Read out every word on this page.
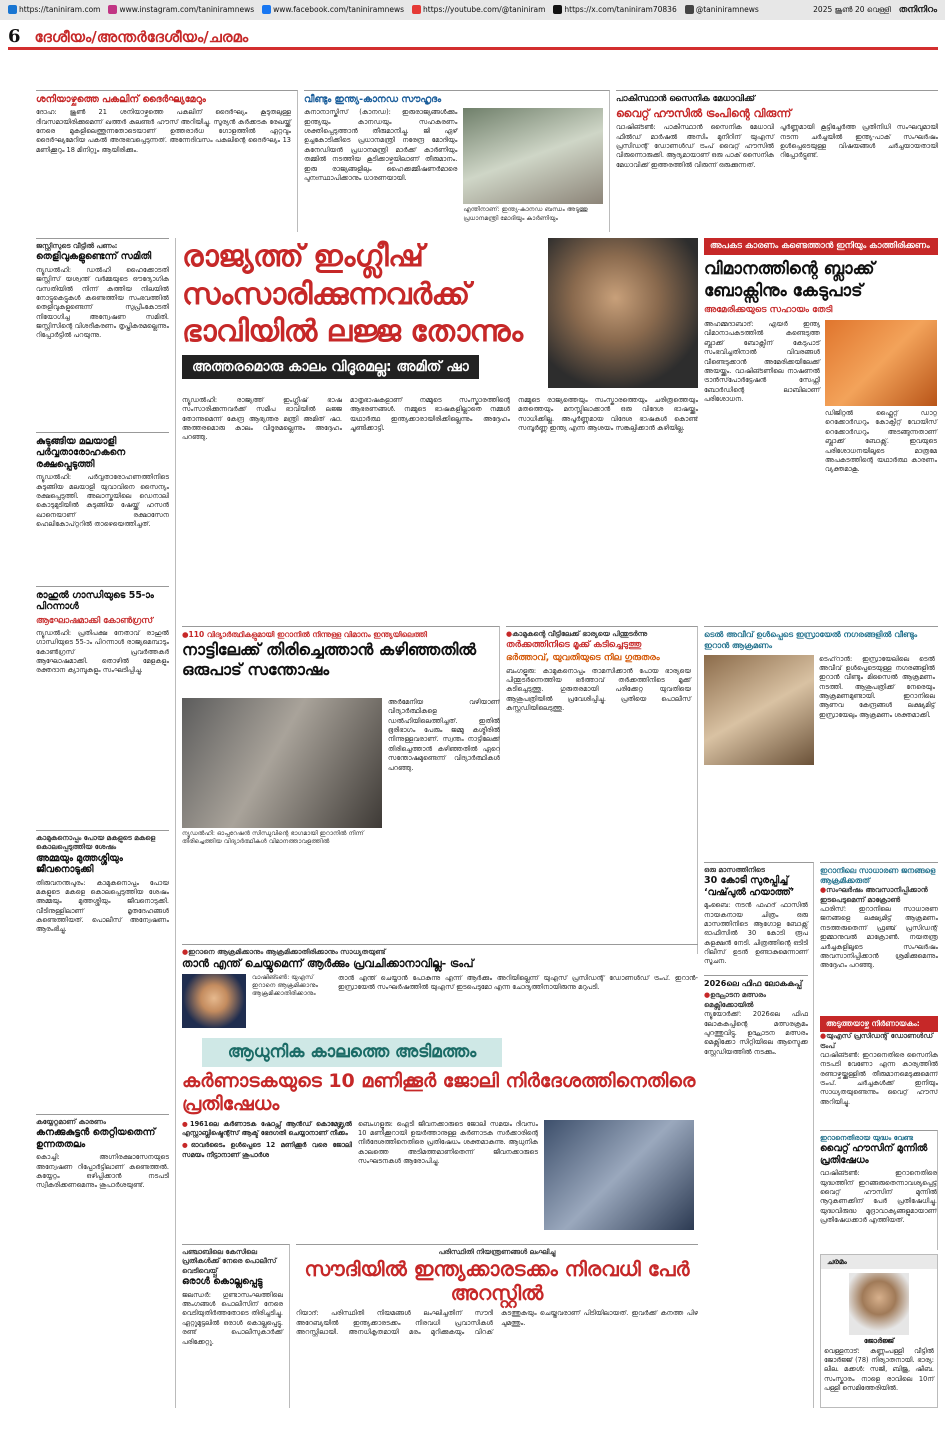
https://taniniram.com	www.instagram.com/taniniramnews	www.facebook.com/taniniramnews	https://youtube.com/@taniniram	https://x.com/taniniram70836	@taniniramnews	2025 ജൂൺ 20 വെള്ളി തനിനിറം
6 ദേശീയം/അന്തർദേശീയം/ചരമം
ശനിയാഴ്ചത്തെ പകലിന് ദൈർഘ്യമേറും
ദോഹ: ജൂൺ 21 ശനിയാഴ്ചത്തെ പകലിന് ദൈർഘ്യം കൂടുതലുള്ള ദിവസമായിരിക്കുമെന്ന് ഖത്തർ കലണ്ടർ ഹൗസ് അറിയിച്ചു. സൂര്യൻ കർക്കടക രേഖയ്ക്ക് നേരെ മുകളിലെത്തുന്നതോടെയാണ് ഉത്തരാർധ ഗോളത്തിൽ ഏറ്റവും ദൈർഘ്യമേറിയ പകൽ അനുഭവപ്പെടുന്നത്. അന്നേദിവസം പകലിന്റെ ദൈർഘ്യം 13 മണിക്കൂറും 18 മിനിറ്റും ആയിരിക്കും.
വീണ്ടും ഇന്ത്യ-കാനഡ സൗഹൃദം
കനാനാസ്കിസ് (കാനഡ): ഇരുരാജ്യങ്ങൾക്കും ഇന്ത്യയും കാനഡയും സഹകരണം ശക്തിപ്പെടുത്താൻ തീരുമാനിച്ചു. ജി ഏഴ് ഉച്ചകോടിക്കിടെ പ്രധാനമന്ത്രി നരേന്ദ്ര മോദിയും കനേഡിയൻ പ്രധാനമന്ത്രി മാർക്ക് കാർണിയും തമ്മിൽ നടത്തിയ കൂടിക്കാഴ്ചയിലാണ് തീരുമാനം. ഇരു രാജ്യങ്ങളിലും ഹൈക്കമ്മീഷണർമാരെ പുനഃസ്ഥാപിക്കാനും ധാരണയായി.
എന്തിനാണ്: ഇന്ത്യ-കാനഡ ബന്ധം അടുത്തു പ്രധാനമന്ത്രി മോദിയും കാർണിയും
പാകിസ്ഥാൻ സൈനിക മേധാവിക്ക്
വൈറ്റ് ഹൗസിൽ ട്രംപിന്റെ വിരുന്ന്
വാഷിങ്ടൺ: പാകിസ്ഥാൻ സൈനിക മേധാവി ഫീൽഡ് മാർഷൽ അസിം മുനീറിന് യുഎസ് പ്രസിഡന്റ് ഡോണൾഡ് ട്രംപ് വൈറ്റ് ഹൗസിൽ വിരുന്നൊരുക്കി. ആദ്യമായാണ് ഒരു പാക് സൈനിക മേധാവിക്ക് ഇത്തരത്തിൽ വിരുന്ന് ഒരുക്കുന്നത്.
പൂർണ്ണമായി കൂട്ടിച്ചേർത്ത പ്രതിനിധി സംഘവുമായി നടന്ന ചർച്ചയിൽ ഇന്ത്യ-പാക് സംഘർഷം ഉൾപ്പെടെയുള്ള വിഷയങ്ങൾ ചർച്ചയായതായി റിപ്പോർട്ടുണ്ട്.
ജസ്റ്റിസുടെ വീട്ടിൽ പണം:
തെളിവുകളുണ്ടെന്ന് സമിതി
ന്യൂഡൽഹി: ഡൽഹി ഹൈക്കോടതി ജസ്റ്റിസ് യശ്വന്ത് വർമ്മയുടെ ഔദ്യോഗിക വസതിയിൽ നിന്ന് കത്തിയ നിലയിൽ നോട്ടുകെട്ടുകൾ കണ്ടെത്തിയ സംഭവത്തിൽ തെളിവുകളുണ്ടെന്ന് സുപ്രീംകോടതി നിയോഗിച്ച അന്വേഷണ സമിതി. ജസ്റ്റിസിന്റെ വിശദീകരണം തൃപ്തികരമല്ലെന്നും റിപ്പോർട്ടിൽ പറയുന്നു.
കുടുങ്ങിയ മലയാളി പർവ്വതാരോഹകനെ രക്ഷപ്പെടുത്തി
ന്യൂഡൽഹി: പർവ്വതാരോഹണത്തിനിടെ കുടുങ്ങിയ മലയാളി യുവാവിനെ സൈന്യം രക്ഷപ്പെടുത്തി. അലാസ്കയിലെ ഡെനാലി കൊടുമുടിയിൽ കുടുങ്ങിയ ഷേയ്ക്ക് ഹസൻ ഖാനെയാണ് രക്ഷാസേന ഹെലികോപ്റ്ററിൽ താഴെയെത്തിച്ചത്.
രാഹുൽ ഗാന്ധിയുടെ 55-ാം പിറന്നാൾ
ആഘോഷമാക്കി കോൺഗ്രസ്
ന്യൂഡൽഹി: പ്രതിപക്ഷ നേതാവ് രാഹുൽ ഗാന്ധിയുടെ 55-ാം പിറന്നാൾ രാജ്യമെമ്പാടും കോൺഗ്രസ് പ്രവർത്തകർ ആഘോഷമാക്കി. തൊഴിൽ മേളകളും രക്തദാന ക്യാമ്പുകളും സംഘടിപ്പിച്ചു.
കാമുകനൊപ്പം പോയ മകളുടെ മകളെ കൊലപ്പെടുത്തിയ ശേഷം
അമ്മയും മുത്തശ്ശിയും ജീവനൊടുക്കി
തിരുവനന്തപുരം: കാമുകനൊപ്പം പോയ മകളുടെ മകളെ കൊലപ്പെടുത്തിയ ശേഷം അമ്മയും മുത്തശ്ശിയും ജീവനൊടുക്കി. വീടിനുള്ളിലാണ് മൃതദേഹങ്ങൾ കണ്ടെത്തിയത്. പൊലീസ് അന്വേഷണം ആരംഭിച്ചു.
കയ്യേറ്റമാണ് കാരണം
കനക്കുകുട്ടൻ തെറ്റിയതെന്ന് ഉന്നതതലം
കൊച്ചി: അഗ്നിരക്ഷാസേനയുടെ അന്വേഷണ റിപ്പോർട്ടിലാണ് കണ്ടെത്തൽ. കയ്യേറ്റം ഒഴിപ്പിക്കാൻ നടപടി സ്വീകരിക്കണമെന്നും ശുപാർശയുണ്ട്.
രാജ്യത്ത് ഇംഗ്ലീഷ് സംസാരിക്കുന്നവർക്ക് ഭാവിയിൽ ലജ്ജ തോന്നും
അത്തരമൊരു കാലം വിദൂരമല്ല: അമിത് ഷാ
ന്യൂഡൽഹി: രാജ്യത്ത് ഇംഗ്ലീഷ് ഭാഷ സംസാരിക്കുന്നവർക്ക് സമീപ ഭാവിയിൽ ലജ്ജ തോന്നുമെന്ന് കേന്ദ്ര ആഭ്യന്തര മന്ത്രി അമിത് ഷാ. അത്തരമൊരു കാലം വിദൂരമല്ലെന്നും അദ്ദേഹം പറഞ്ഞു.
മാതൃഭാഷകളാണ് നമ്മുടെ സംസ്കാരത്തിന്റെ ആഭരണങ്ങൾ. നമ്മുടെ ഭാഷകളില്ലാതെ നമ്മൾ യഥാർത്ഥ ഇന്ത്യക്കാരായിരിക്കില്ലെന്നും അദ്ദേഹം ചൂണ്ടിക്കാട്ടി.
നമ്മുടെ രാജ്യത്തെയും സംസ്കാരത്തെയും ചരിത്രത്തെയും മതത്തെയും മനസ്സിലാക്കാൻ ഒരു വിദേശ ഭാഷയ്ക്കും സാധിക്കില്ല. അപൂർണ്ണമായ വിദേശ ഭാഷകൾ കൊണ്ട് സമ്പൂർണ്ണ ഇന്ത്യ എന്ന ആശയം സങ്കല്പിക്കാൻ കഴിയില്ല.
അപകട കാരണം കണ്ടെത്താൻ ഇനിയും കാത്തിരിക്കണം
വിമാനത്തിന്റെ ബ്ലാക്ക് ബോക്സിനും കേടുപാട്
അമേരിക്കയുടെ സഹായം തേടി
അഹമ്മദാബാദ്: എയർ ഇന്ത്യ വിമാനാപകടത്തിൽ കണ്ടെടുത്ത ബ്ലാക്ക് ബോക്സിന് കേടുപാട് സംഭവിച്ചതിനാൽ വിവരങ്ങൾ വീണ്ടെടുക്കാൻ അമേരിക്കയിലേക്ക് അയയ്ക്കും. വാഷിങ്ടണിലെ നാഷണൽ ട്രാൻസ്‌പോർട്ടേഷൻ സേഫ്റ്റി ബോർഡിന്റെ ലാബിലാണ് പരിശോധന.
ഡിജിറ്റൽ ഫ്ലൈറ്റ് ഡാറ്റ റെക്കോർഡറും കോക്പിറ്റ് വോയിസ് റെക്കോർഡറും അടങ്ങുന്നതാണ് ബ്ലാക്ക് ബോക്സ്. ഇവയുടെ പരിശോധനയിലൂടെ മാത്രമേ അപകടത്തിന്റെ യഥാർത്ഥ കാരണം വ്യക്തമാകൂ.
● 110 വിദ്യാർത്ഥികളുമായി ഇറാനിൽ നിന്നുള്ള വിമാനം ഇന്ത്യയിലെത്തി
നാട്ടിലേക്ക് തിരിച്ചെത്താൻ കഴിഞ്ഞതിൽ ഒരുപാട് സന്തോഷം
ന്യൂഡൽഹി: ഓപ്പറേഷൻ സിന്ധുവിന്റെ ഭാഗമായി ഇറാനിൽ നിന്ന് തിരിച്ചെത്തിയ വിദ്യാർത്ഥികൾ വിമാനത്താവളത്തിൽ
അർമേനിയ വഴിയാണ് വിദ്യാർത്ഥികളെ ഡൽഹിയിലെത്തിച്ചത്. ഇതിൽ ഭൂരിഭാഗം പേരും ജമ്മു കശ്മീരിൽ നിന്നുള്ളവരാണ്. സ്വന്തം നാട്ടിലേക്ക് തിരിച്ചെത്താൻ കഴിഞ്ഞതിൽ ഏറെ സന്തോഷമുണ്ടെന്ന് വിദ്യാർത്ഥികൾ പറഞ്ഞു.
● കാമുകന്റെ വീട്ടിലേക്ക് ഭാര്യയെ പിന്തുടർന്നു
തർക്കത്തിനിടെ മൂക്ക് കടിച്ചെടുത്തു
ഭർത്താവ്, യുവതിയുടെ നില ഗുരുതരം
ബംഗളൂരു: കാമുകനൊപ്പം താമസിക്കാൻ പോയ ഭാര്യയെ പിന്തുടർന്നെത്തിയ ഭർത്താവ് തർക്കത്തിനിടെ മൂക്ക് കടിച്ചെടുത്തു. ഗുരുതരമായി പരിക്കേറ്റ യുവതിയെ ആശുപത്രിയിൽ പ്രവേശിപ്പിച്ചു. പ്രതിയെ പൊലീസ് കസ്റ്റഡിയിലെടുത്തു.
ടെൽ അവീവ് ഉൾപ്പെടെ ഇസ്രായേൽ നഗരങ്ങളിൽ വീണ്ടും ഇറാൻ ആക്രമണം
ടെഹ്‌റാൻ: ഇസ്രായേലിലെ ടെൽ അവീവ് ഉൾപ്പെടെയുള്ള നഗരങ്ങളിൽ ഇറാൻ വീണ്ടും മിസൈൽ ആക്രമണം നടത്തി. ആശുപത്രിക്ക് നേരെയും ആക്രമണമുണ്ടായി. ഇറാനിലെ ആണവ കേന്ദ്രങ്ങൾ ലക്ഷ്യമിട്ട് ഇസ്രായേലും ആക്രമണം ശക്തമാക്കി.
● ഇറാനെ ആക്രമിക്കാനും ആക്രമിക്കാതിരിക്കാനും സാധ്യതയുണ്ട്
താൻ എന്ത് ചെയ്യുമെന്ന് ആർക്കും പ്രവചിക്കാനാവില്ല- ട്രംപ്
വാഷിങ്ടൺ: യുഎസ് ഇറാനെ ആക്രമിക്കാനും ആക്രമിക്കാതിരിക്കാനും
താൻ എന്ത് ചെയ്യാൻ പോകുന്നു എന്ന് ആർക്കും അറിയില്ലെന്ന് യുഎസ് പ്രസിഡന്റ് ഡോണൾഡ് ട്രംപ്. ഇറാൻ-ഇസ്രായേൽ സംഘർഷത്തിൽ യുഎസ് ഇടപെടുമോ എന്ന ചോദ്യത്തിനായിരുന്നു മറുപടി.
ആധുനിക കാലത്തെ അടിമത്തം
കർണാടകയുടെ 10 മണിക്കൂർ ജോലി നിർദേശത്തിനെതിരെ പ്രതിഷേധം
● 1961ലെ കർണാടക ഷോപ്സ് ആൻഡ് കൊമേഴ്സ്യൽ എസ്റ്റാബ്ലിഷ്മെന്റ്സ് ആക്ട് ഭേദഗതി ചെയ്യാനാണ് നീക്കം
● ഓവർടൈം ഉൾപ്പെടെ 12 മണിക്കൂർ വരെ ജോലി സമയം നീട്ടാനാണ് ശുപാർശ
ബെംഗളൂരു: ഐടി ജീവനക്കാരുടെ ജോലി സമയം ദിവസം 10 മണിക്കൂറായി ഉയർത്താനുള്ള കർണാടക സർക്കാരിന്റെ നിർദേശത്തിനെതിരെ പ്രതിഷേധം ശക്തമാകുന്നു. ആധുനിക കാലത്തെ അടിമത്തമാണിതെന്ന് ജീവനക്കാരുടെ സംഘടനകൾ ആരോപിച്ചു.
പഞ്ചാബിലെ കേസിലെ പ്രതികൾക്ക് നേരെ പൊലീസ് വെടിവെയ്പ്പ്
ഒരാൾ കൊല്ലപ്പെട്ടു
ജലന്ധർ: ഗുണ്ടാസംഘത്തിലെ അംഗങ്ങൾ പൊലീസിന് നേരെ വെടിയുതിർത്തതോടെ തിരിച്ചടിച്ചു. ഏറ്റുമുട്ടലിൽ ഒരാൾ കൊല്ലപ്പെട്ടു. രണ്ട് പൊലീസുകാർക്ക് പരിക്കേറ്റു.
പരിസ്ഥിതി നിയന്ത്രണങ്ങൾ ലംഘിച്ചു
സൗദിയിൽ ഇന്ത്യക്കാരടക്കം നിരവധി പേർ അറസ്റ്റിൽ
റിയാദ്: പരിസ്ഥിതി നിയമങ്ങൾ ലംഘിച്ചതിന് സൗദി അറേബ്യയിൽ ഇന്ത്യക്കാരടക്കം നിരവധി പ്രവാസികൾ അറസ്റ്റിലായി. അനധികൃതമായി മരം മുറിക്കുകയും വിറക് കടത്തുകയും ചെയ്തവരാണ് പിടിയിലായത്. ഇവർക്ക് കനത്ത പിഴ ചുമത്തും.
ഒരു മാസത്തിനിടെ
30 കോടി സുരപ്പിച്ച് ‘വഷ്‌പുൽ ഹയാത്ത്’
മുംബൈ: നടൻ ഫഹദ് ഫാസിൽ നായകനായ ചിത്രം ഒരു മാസത്തിനിടെ ആഗോള ബോക്സ് ഓഫീസിൽ 30 കോടി രൂപ കളക്ഷൻ നേടി. ചിത്രത്തിന്റെ ഒടിടി റിലീസ് ഉടൻ ഉണ്ടാകുമെന്നാണ് സൂചന.
2026ലെ ഫിഫ ലോകകപ്പ്
● ഉദ്ഘാടന മത്സരം മെക്സിക്കോയിൽ
ന്യൂയോർക്ക്: 2026ലെ ഫിഫ ലോകകപ്പിന്റെ മത്സരക്രമം പുറത്തുവിട്ടു. ഉദ്ഘാടന മത്സരം മെക്സിക്കോ സിറ്റിയിലെ ആസ്ടെക്ക സ്റ്റേഡിയത്തിൽ നടക്കും.
ഇറാനിലെ സാധാരണ ജനങ്ങളെ ആക്രമിക്കരുത്
● സംഘർഷം അവസാനിപ്പിക്കാൻ ഇടപെടുമെന്ന് മാക്രോൺ
പാരിസ്: ഇറാനിലെ സാധാരണ ജനങ്ങളെ ലക്ഷ്യമിട്ട് ആക്രമണം നടത്തരുതെന്ന് ഫ്രഞ്ച് പ്രസിഡന്റ് ഇമ്മാനുവൽ മാക്രോൺ. നയതന്ത്ര ചർച്ചകളിലൂടെ സംഘർഷം അവസാനിപ്പിക്കാൻ ശ്രമിക്കുമെന്നും അദ്ദേഹം പറഞ്ഞു.
അടുത്തയാഴ്ച നിർണായകം:
● യുഎസ് പ്രസിഡന്റ് ഡോണൾഡ് ട്രംപ്
വാഷിങ്ടൺ: ഇറാനെതിരെ സൈനിക നടപടി വേണോ എന്ന കാര്യത്തിൽ രണ്ടാഴ്ചയ്ക്കുള്ളിൽ തീരുമാനമെടുക്കുമെന്ന് ട്രംപ്. ചർച്ചകൾക്ക് ഇനിയും സാധ്യതയുണ്ടെന്നും വൈറ്റ് ഹൗസ് അറിയിച്ചു.
ഇറാനെതിരായ യുദ്ധം വേണ്ട
വൈറ്റ് ഹൗസിന് മുന്നിൽ പ്രതിഷേധം
വാഷിങ്ടൺ: ഇറാനെതിരെ യുദ്ധത്തിന് ഇറങ്ങരുതെന്നാവശ്യപ്പെട്ട് വൈറ്റ് ഹൗസിന് മുന്നിൽ നൂറുകണക്കിന് പേർ പ്രതിഷേധിച്ചു. യുദ്ധവിരുദ്ധ മുദ്രാവാക്യങ്ങളുമായാണ് പ്രതിഷേധക്കാർ എത്തിയത്.
ചരമം
ജോർജ്ജ്
വെള്ളനാട്: കണ്ണംപള്ളി വീട്ടിൽ ജോർജ്ജ് (78) നിര്യാതനായി. ഭാര്യ: ലീല. മക്കൾ: സജി, ബിജു, ഷീബ. സംസ്കാരം നാളെ രാവിലെ 10ന് പള്ളി സെമിത്തേരിയിൽ.
